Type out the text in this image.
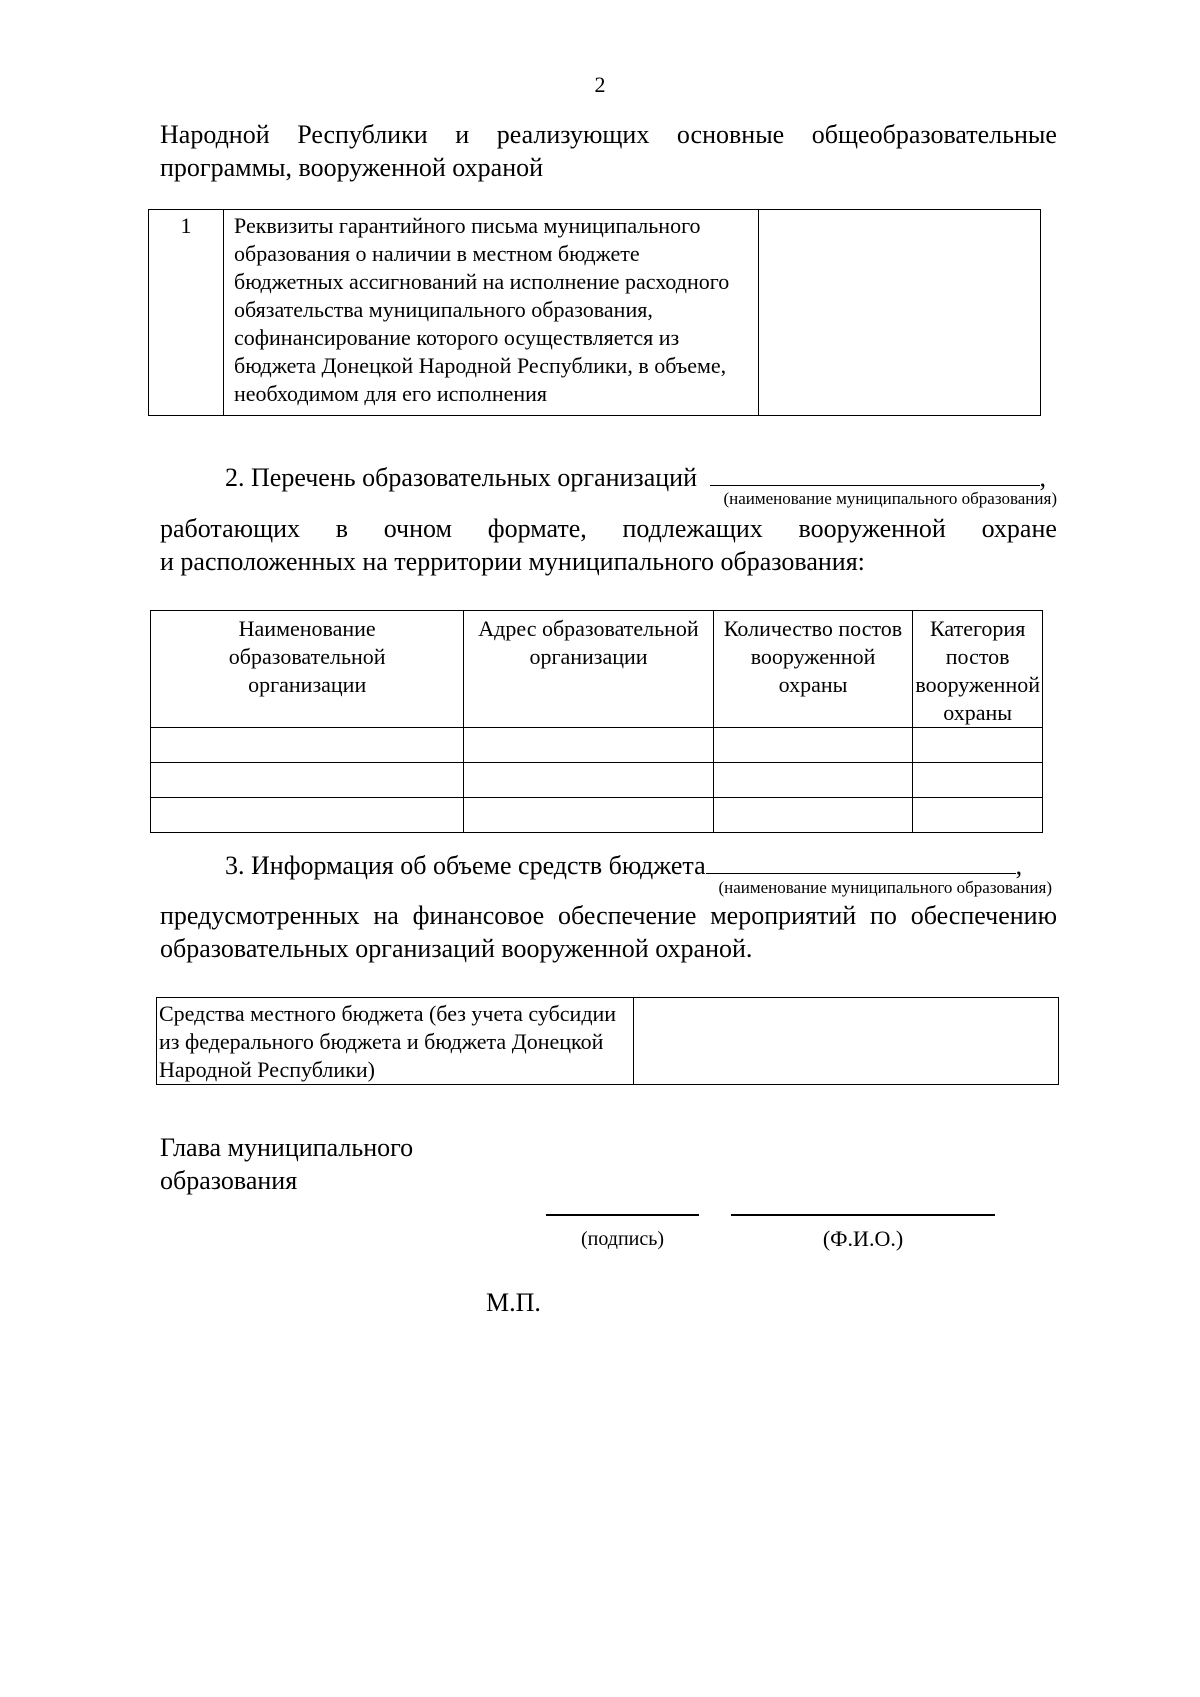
2
Народной Республики и реализующих основные общеобразовательные
программы, вооруженной охраной
1	Реквизиты гарантийного письма муниципального образования о наличии в местном бюджете бюджетных ассигнований на исполнение расходного обязательства муниципального образования, софинансирование которого осуществляется из бюджета Донецкой Народной Республики, в объеме, необходимом для его исполнения	
2. Перечень образовательных организаций	,
(наименование муниципального образования)
работающих в очном формате, подлежащих вооруженной охране
и расположенных на территории муниципального образования:
Наименование образовательной организации	Адрес образовательной организации	Количество постов вооруженной охраны	Категория постов вооруженной охраны

3. Информация об объеме средств бюджета	,
(наименование муниципального образования)
предусмотренных на финансовое обеспечение мероприятий по обеспечению
образовательных организаций вооруженной охраной.
Средства местного бюджета (без учета субсидии из федерального бюджета и бюджета Донецкой Народной Республики)	
Глава муниципального
образования
(подпись)	(Ф.И.О.)
М.П.
